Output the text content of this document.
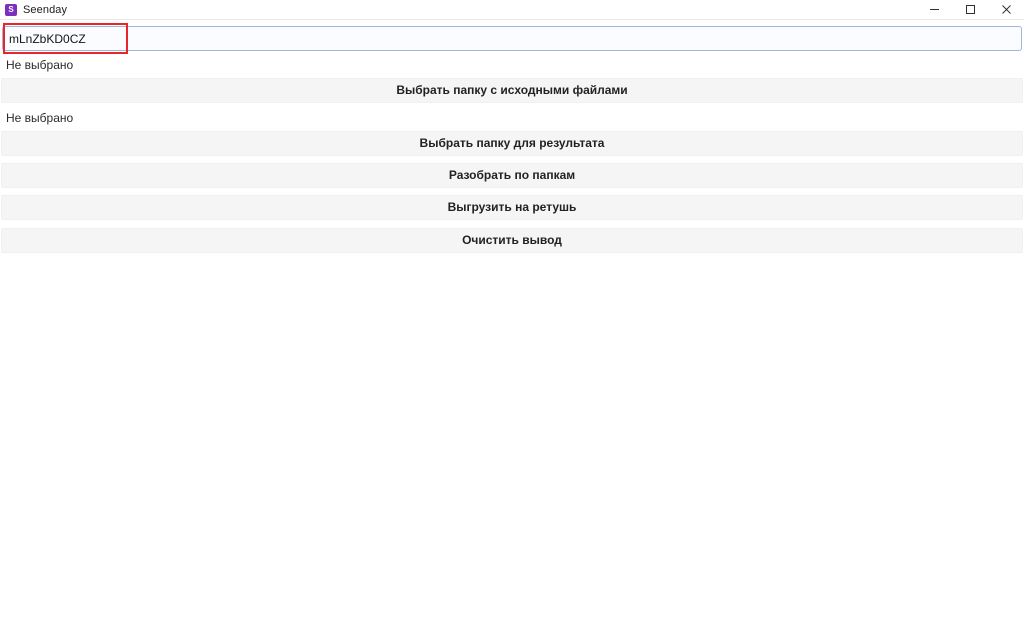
S Seenday
mLnZbKD0CZ
Не выбрано
Выбрать папку с исходными файлами
Не выбрано
Выбрать папку для результата
Разобрать по папкам
Выгрузить на ретушь
Очистить вывод
